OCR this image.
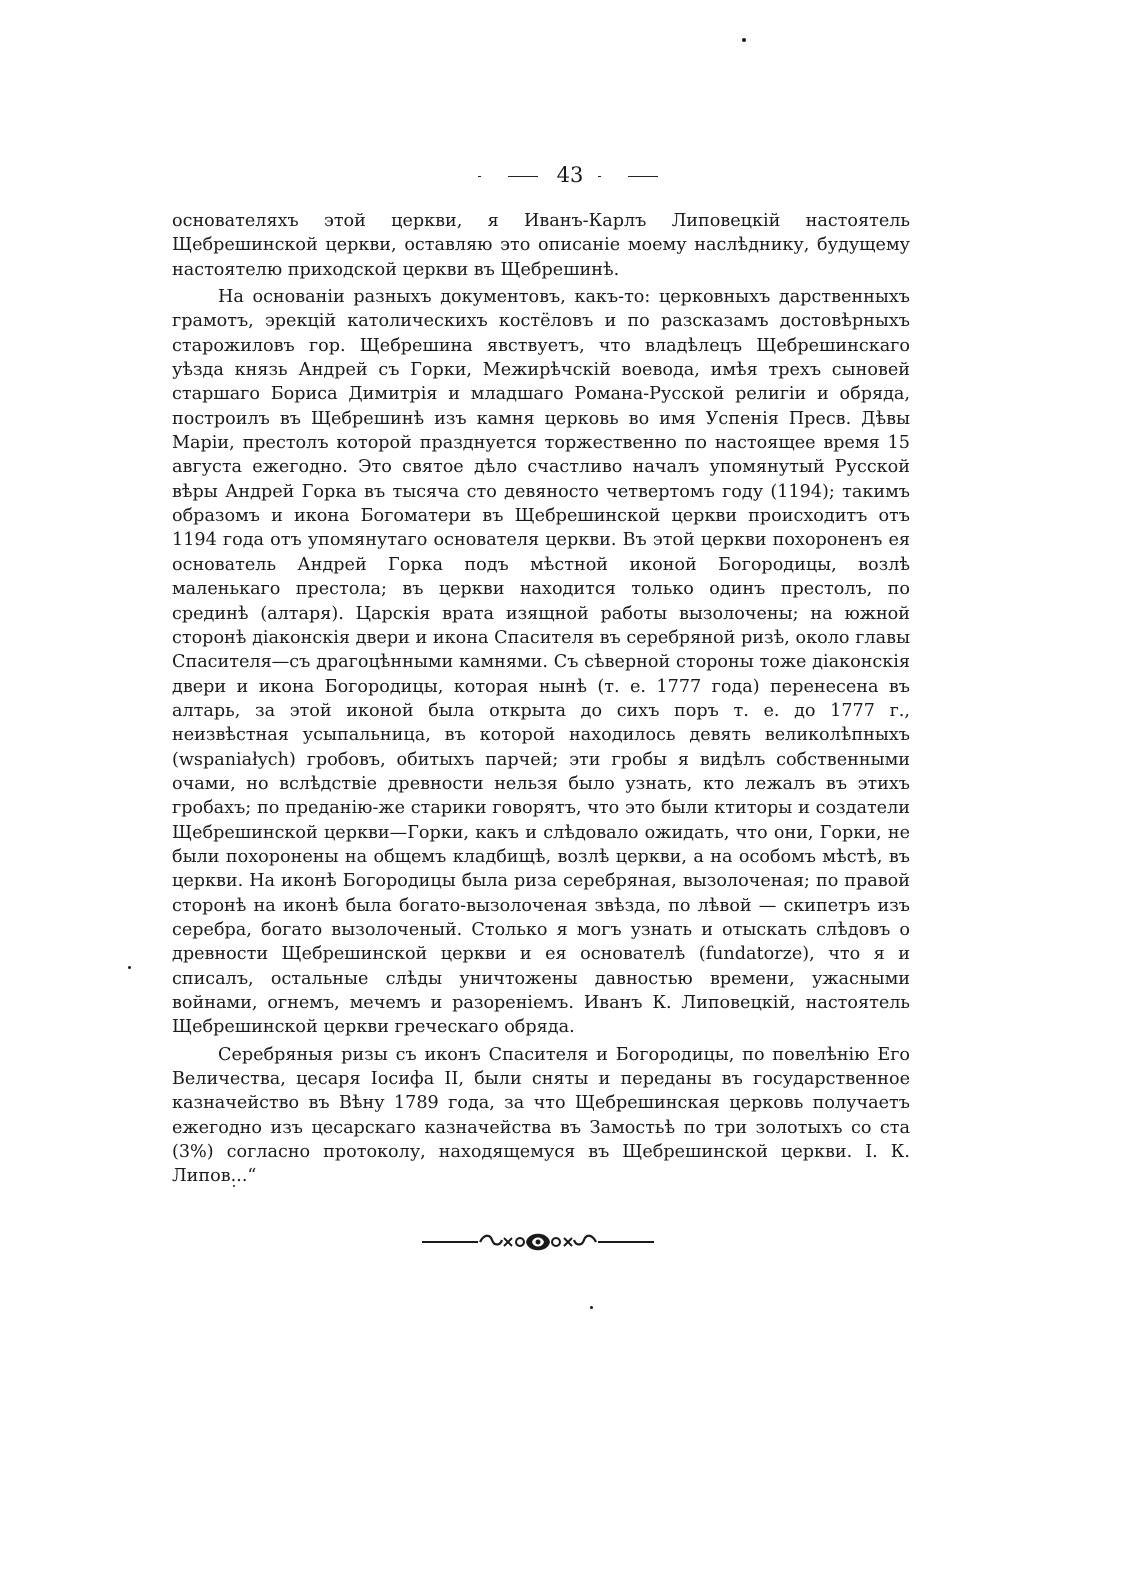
43

основателяхъ этой церкви, я Иванъ-Карлъ Липовецкій настоятель Щебрешинской церкви, оставляю это описаніе моему наслѣднику, будущему настоятелю приходской церкви въ Щебрешинѣ.

На основаніи разныхъ документовъ, какъ-то: церковныхъ дарственныхъ грамотъ, эрекцій католическихъ костёловъ и по разсказамъ достовѣрныхъ старожиловъ гор. Щебрешина явствуетъ, что владѣлецъ Щебрешинскаго уѣзда князь Андрей съ Горки, Межирѣчскій воевода, имѣя трехъ сыновей старшаго Бориса Димитрія и младшаго Романа-Русской религіи и обряда, построилъ въ Щебрешинѣ изъ камня церковь во имя Успенія Пресв. Дѣвы Маріи, престолъ которой празднуется торжественно по настоящее время 15 августа ежегодно. Это святое дѣло счастливо началъ упомянутый Русской вѣры Андрей Горка въ тысяча сто девяносто четвертомъ году (1194); такимъ образомъ и икона Богоматери въ Щебрешинской церкви происходитъ отъ 1194 года отъ упомянутаго основателя церкви. Въ этой церкви похороненъ ея основатель Андрей Горка подъ мѣстной иконой Богородицы, возлѣ маленькаго престола; въ церкви находится только одинъ престолъ, по срединѣ (алтаря). Царскія врата изящной работы вызолочены; на южной сторонѣ діаконскія двери и икона Спасителя въ серебряной ризѣ, около главы Спасителя—съ драгоцѣнными камнями. Съ сѣверной стороны тоже діаконскія двери и икона Богородицы, которая нынѣ (т. е. 1777 года) перенесена въ алтарь, за этой иконой была открыта до сихъ поръ т. е. до 1777 г., неизвѣстная усыпальница, въ которой находилось девять великолѣпныхъ (wspaniałych) гробовъ, обитыхъ парчей; эти гробы я видѣлъ собственными очами, но вслѣдствіе древности нельзя было узнать, кто лежалъ въ этихъ гробахъ; по преданію-же старики говорятъ, что это были ктиторы и создатели Щебрешинской церкви—Горки, какъ и слѣдовало ожидать, что они, Горки, не были похоронены на общемъ кладбищѣ, возлѣ церкви, а на особомъ мѣстѣ, въ церкви. На иконѣ Богородицы была риза серебряная, вызолоченая; по правой сторонѣ на иконѣ была богато-вызолоченая звѣзда, по лѣвой — скипетръ изъ серебра, богато вызолоченый. Столько я могъ узнать и отыскать слѣдовъ о древности Щебрешинской церкви и ея основателѣ (fundatorze), что я и списалъ, остальные слѣды уничтожены давностью времени, ужасными войнами, огнемъ, мечемъ и разореніемъ. Иванъ К. Липовецкій, настоятель Щебрешинской церкви греческаго обряда.

Серебряныя ризы съ иконъ Спасителя и Богородицы, по повелѣнію Его Величества, цесаря Іосифа II, были сняты и переданы въ государственное казначейство въ Вѣну 1789 года, за что Щебрешинская церковь получаетъ ежегодно изъ цесарскаго казначейства въ Замостьѣ по три золотыхъ со ста (3%) согласно протоколу, находящемуся въ Щебрешинской церкви. І. К. Липов...“
